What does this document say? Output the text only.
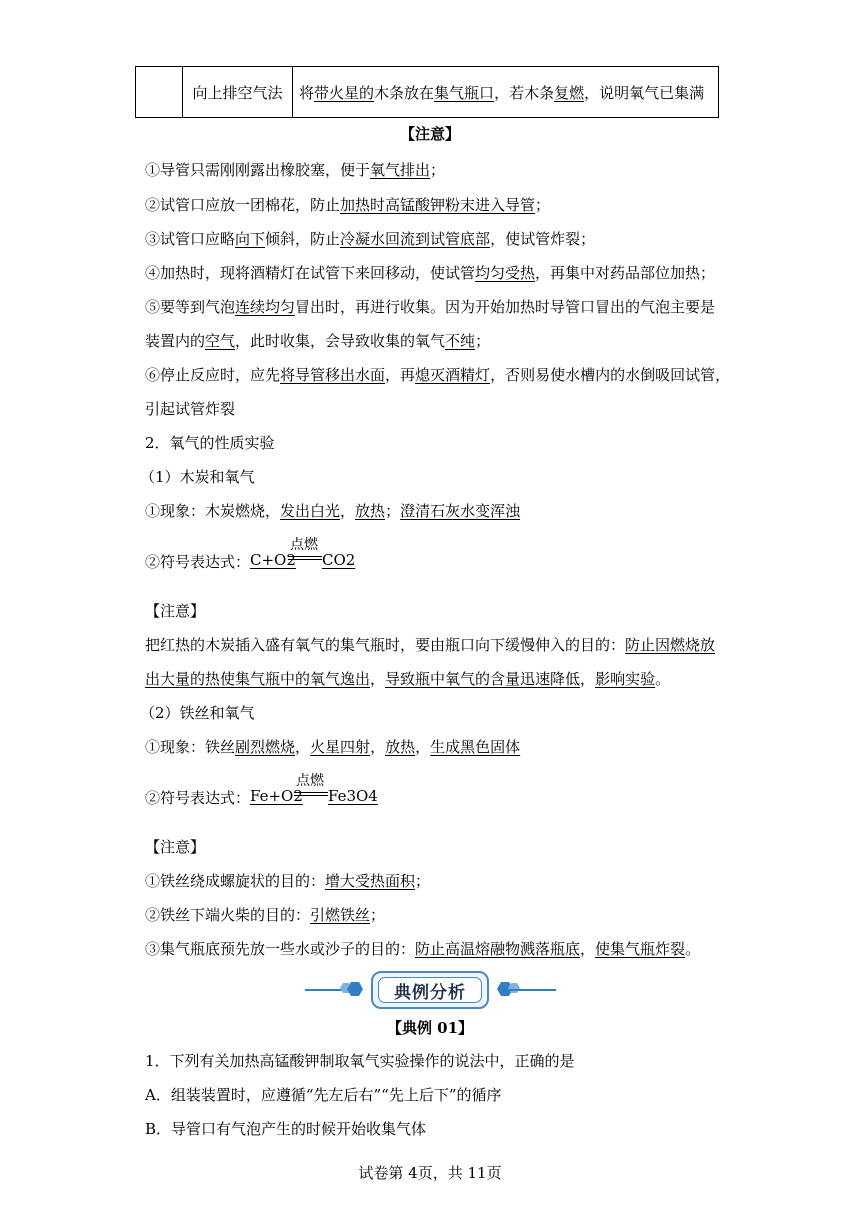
	向上排空气法	将带火星的木条放在集气瓶口，若木条复燃，说明氧气已集满
【注意】
①导管只需刚刚露出橡胶塞，便于氧气排出；
②试管口应放一团棉花，防止加热时高锰酸钾粉末进入导管；
③试管口应略向下倾斜，防止冷凝水回流到试管底部，使试管炸裂；
④加热时，现将酒精灯在试管下来回移动，使试管均匀受热，再集中对药品部位加热；
⑤要等到气泡连续均匀冒出时，再进行收集。因为开始加热时导管口冒出的气泡主要是
装置内的空气，此时收集，会导致收集的氧气不纯；
⑥停止反应时，应先将导管移出水面，再熄灭酒精灯，否则易使水槽内的水倒吸回试管，
引起试管炸裂
2．氧气的性质实验
（1）木炭和氧气
①现象：木炭燃烧，发出白光，放热；澄清石灰水变浑浊
②符号表达式： C+O2
点燃
CO2
【注意】
把红热的木炭插入盛有氧气的集气瓶时，要由瓶口向下缓慢伸入的目的：防止因燃烧放
出大量的热使集气瓶中的氧气逸出，导致瓶中氧气的含量迅速降低，影响实验。
（2）铁丝和氧气
①现象：铁丝剧烈燃烧，火星四射，放热，生成黑色固体
②符号表达式： Fe+O2
点燃
Fe3O4
【注意】
①铁丝绕成螺旋状的目的：增大受热面积；
②铁丝下端火柴的目的：引燃铁丝；
③集气瓶底预先放一些水或沙子的目的：防止高温熔融物溅落瓶底，使集气瓶炸裂。
典例分析
【典例 01】
1．下列有关加热高锰酸钾制取氧气实验操作的说法中，正确的是
A．组装装置时，应遵循“先左后右”“先上后下”的循序
B．导管口有气泡产生的时候开始收集气体
试卷第 4页，共 11页
